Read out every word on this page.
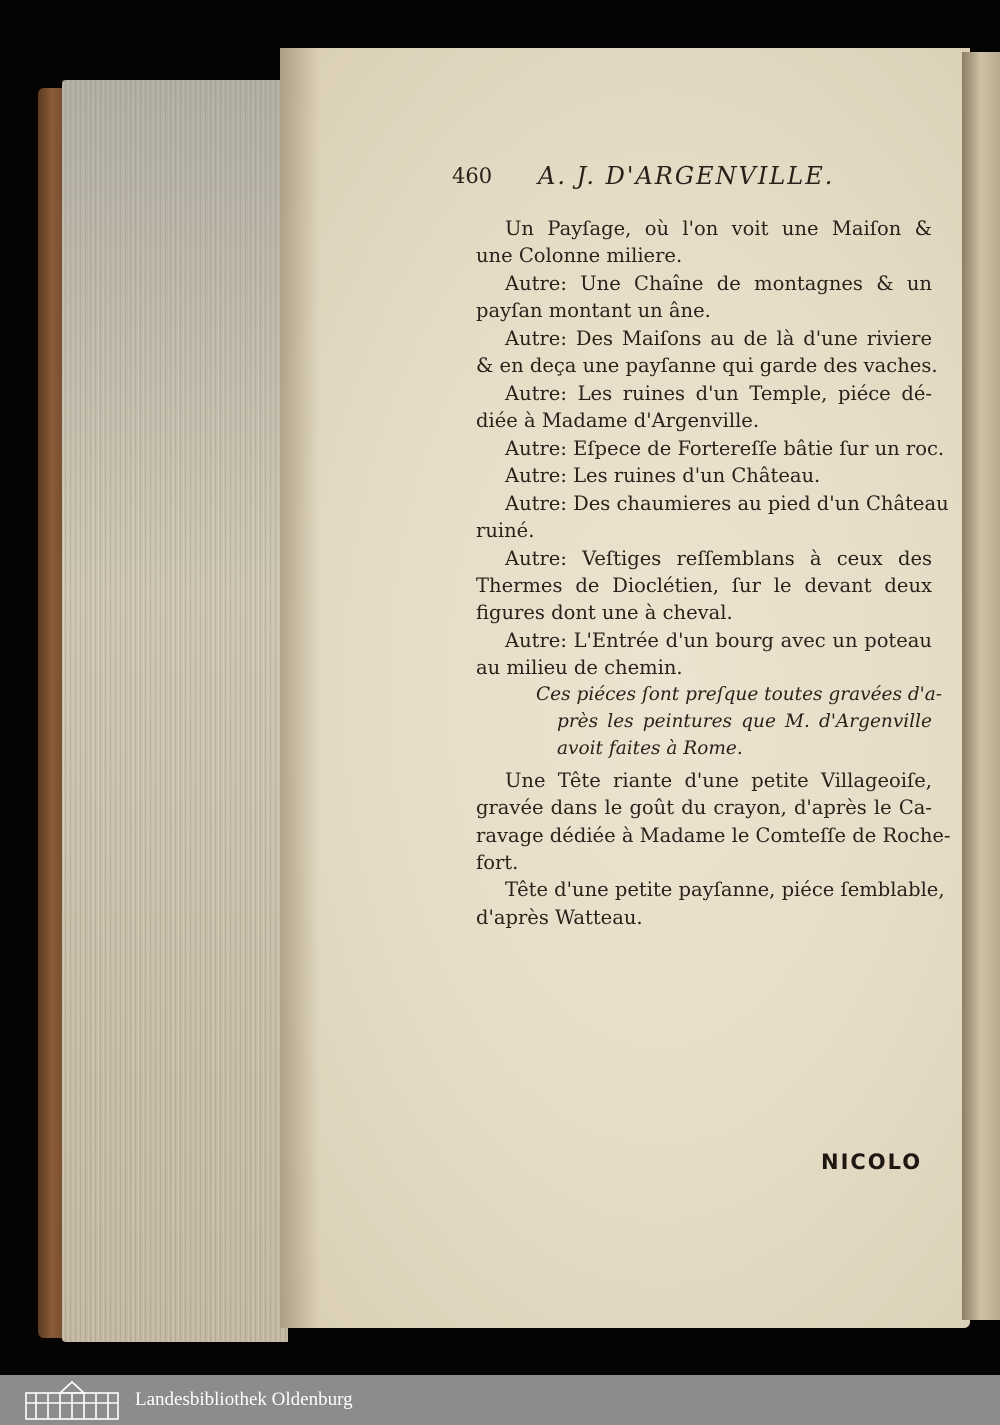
460 A. J. D'ARGENVILLE.
Un Payſage, où l'on voit une Maiſon &
une Colonne miliere.
Autre: Une Chaîne de montagnes & un
payſan montant un âne.
Autre: Des Maiſons au de là d'une riviere
& en deça une payſanne qui garde des vaches.
Autre: Les ruines d'un Temple, piéce dé-
diée à Madame d'Argenville.
Autre: Eſpece de Fortereſſe bâtie ſur un roc.
Autre: Les ruines d'un Château.
Autre: Des chaumieres au pied d'un Château
ruiné.
Autre: Veſtiges reſſemblans à ceux des
Thermes de Dioclétien, ſur le devant deux
figures dont une à cheval.
Autre: L'Entrée d'un bourg avec un poteau
au milieu de chemin.
Ces piéces ſont preſque toutes gravées d'a-
près les peintures que M. d'Argenville
avoit faites à Rome.
Une Tête riante d'une petite Villageoiſe,
gravée dans le goût du crayon, d'après le Ca-
ravage dédiée à Madame le Comteſſe de Roche-
fort.
Tête d'une petite payſanne, piéce ſemblable,
d'après Watteau.
NICOLO
Landesbibliothek Oldenburg
